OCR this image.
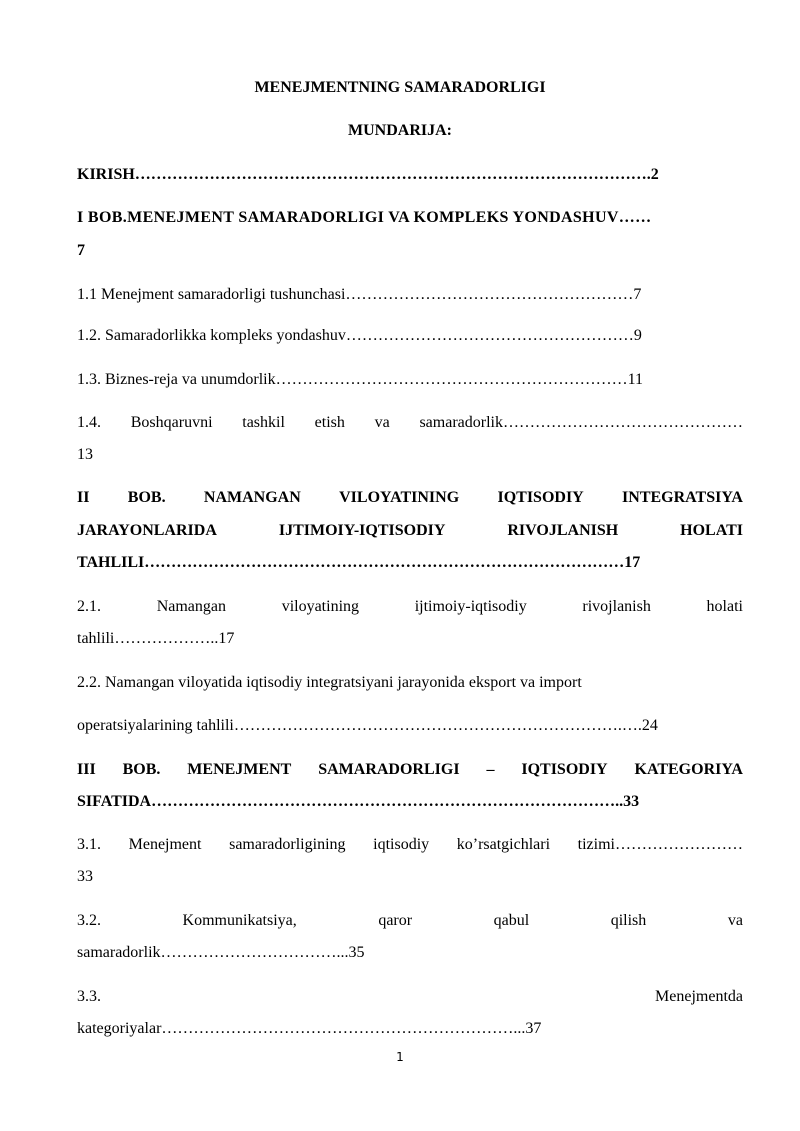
MENEJMENTNING SAMARADORLIGI
MUNDARIJA:
KIRISH…………………………………………………………………………………….2
I BOB.MENEJMENT SAMARADORLIGI VA KOMPLEKS YONDASHUV……
7
1.1 Menejment samaradorligi tushunchasi………………………………………………7
1.2. Samaradorlikka kompleks yondashuv………………………………………………9
1.3. Biznes-reja va unumdorlik…………………………………………………………11
1.4. Boshqaruvni tashkil etish va samaradorlik………………………………………
13
II BOB. NAMANGAN VILOYATINING IQTISODIY INTEGRATSIYA
JARAYONLARIDA	IJTIMOIY-IQTISODIY	RIVOJLANISH	HOLATI
TAHLILI………………………………………………………………………………17
2.1.	Namangan	viloyatining	ijtimoiy-iqtisodiy	rivojlanish	holati
tahlili………………..17
2.2. Namangan viloyatida iqtisodiy integratsiyani jarayonida eksport va import
operatsiyalarining tahlili……………………………………………………………….….24
III BOB. MENEJMENT SAMARADORLIGI – IQTISODIY KATEGORIYA
SIFATIDA……………………………………………………………………………..33
3.1. Menejment samaradorligining iqtisodiy ko’rsatgichlari tizimi……………………
33
3.2.	Kommunikatsiya,	qaror	qabul	qilish	va
samaradorlik……………………………...35
3.3.	Menejmentda
kategoriyalar…………………………………………………………...37
1
